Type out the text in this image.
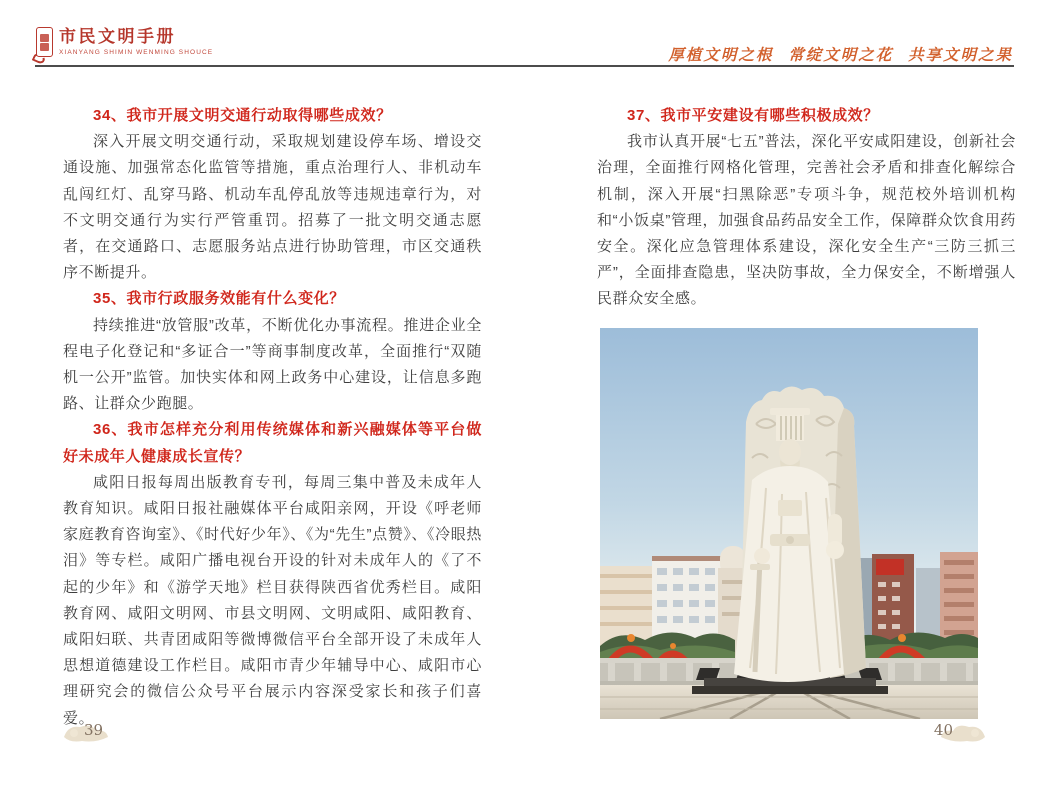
市民文明手册
XIANYANG SHIMIN WENMING SHOUCE	厚植文明之根  常绽文明之花  共享文明之果
34、我市开展文明交通行动取得哪些成效？
深入开展文明交通行动，采取规划建设停车场、增设交通设施、加强常态化监管等措施，重点治理行人、非机动车乱闯红灯、乱穿马路、机动车乱停乱放等违规违章行为，对不文明交通行为实行严管重罚。招募了一批文明交通志愿者，在交通路口、志愿服务站点进行协助管理，市区交通秩序不断提升。
35、我市行政服务效能有什么变化？
持续推进“放管服”改革，不断优化办事流程。推进企业全程电子化登记和“多证合一”等商事制度改革，全面推行“双随机一公开”监管。加快实体和网上政务中心建设，让信息多跑路、让群众少跑腿。
36、我市怎样充分利用传统媒体和新兴融媒体等平台做好未成年人健康成长宣传？
咸阳日报每周出版教育专刊，每周三集中普及未成年人教育知识。咸阳日报社融媒体平台咸阳亲网，开设《呼老师家庭教育咨询室》、《时代好少年》、《为“先生”点赞》、《冷眼热泪》等专栏。咸阳广播电视台开设的针对未成年人的《了不起的少年》和《游学天地》栏目获得陕西省优秀栏目。咸阳教育网、咸阳文明网、市县文明网、文明咸阳、咸阳教育、咸阳妇联、共青团咸阳等微博微信平台全部开设了未成年人思想道德建设工作栏目。咸阳市青少年辅导中心、咸阳市心理研究会的微信公众号平台展示内容深受家长和孩子们喜爱。
37、我市平安建设有哪些积极成效？
我市认真开展“七五”普法，深化平安咸阳建设，创新社会治理，全面推行网格化管理，完善社会矛盾和排查化解综合机制，深入开展“扫黑除恶”专项斗争，规范校外培训机构和“小饭桌”管理，加强食品药品安全工作，保障群众饮食用药安全。深化应急管理体系建设，深化安全生产“三防三抓三严”，全面排查隐患，坚决防事故，全力保安全，不断增强人民群众安全感。
39	40
